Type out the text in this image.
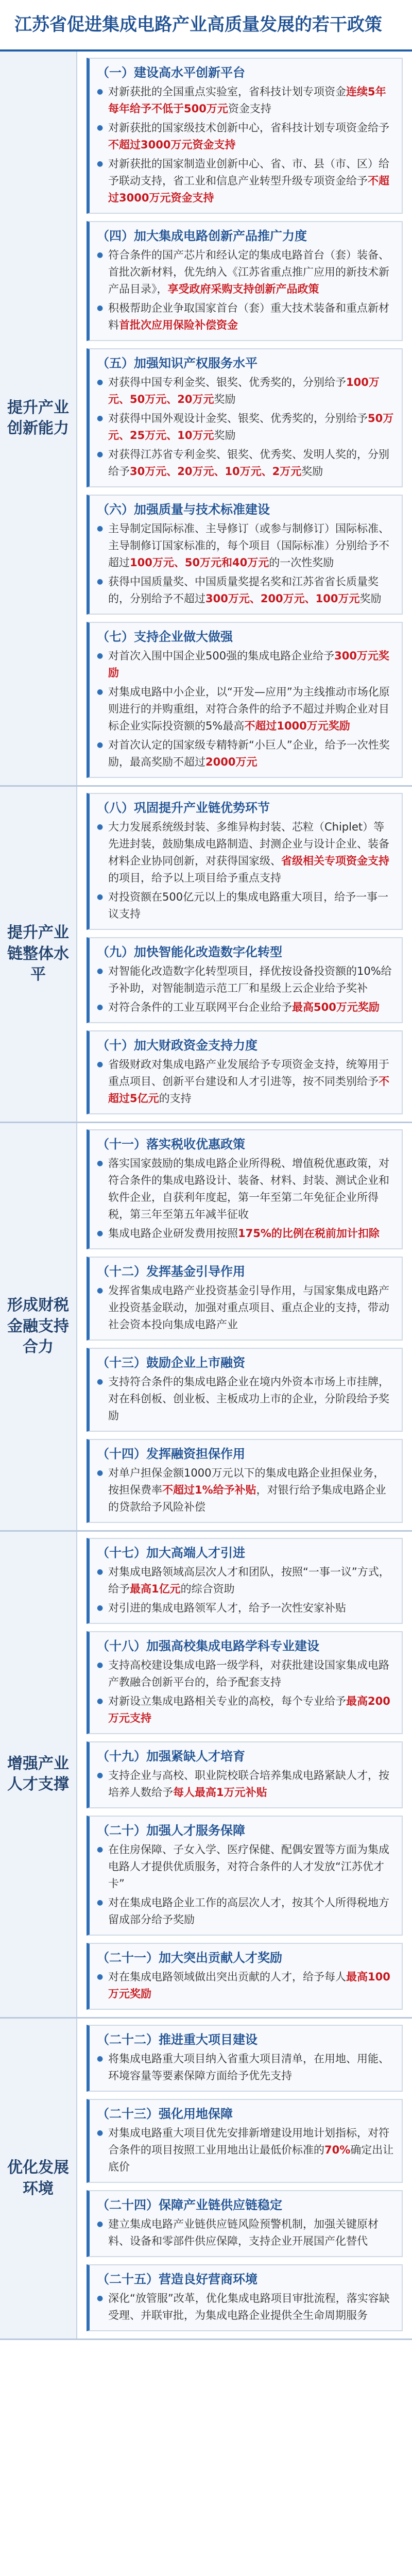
江苏省促进集成电路产业高质量发展的若干政策
提升产业创新能力
（一）建设高水平创新平台
● 对新获批的全国重点实验室，省科技计划专项资金连续5年每年给予不低于500万元资金支持
● 对新获批的国家级技术创新中心，省科技计划专项资金给予不超过3000万元资金支持
● 对新获批的国家制造业创新中心、省、市、县（市、区）给予联动支持，省工业和信息产业转型升级专项资金给予不超过3000万元资金支持
（四）加大集成电路创新产品推广力度
● 符合条件的国产芯片和经认定的集成电路首台（套）装备、首批次新材料，优先纳入《江苏省重点推广应用的新技术新产品目录》，享受政府采购支持创新产品政策
● 积极帮助企业争取国家首台（套）重大技术装备和重点新材料首批次应用保险补偿资金
（五）加强知识产权服务水平
● 对获得中国专利金奖、银奖、优秀奖的，分别给予100万元、50万元、20万元奖励
● 对获得中国外观设计金奖、银奖、优秀奖的，分别给予50万元、25万元、10万元奖励
● 对获得江苏省专利金奖、银奖、优秀奖、发明人奖的，分别给予30万元、20万元、10万元、2万元奖励
（六）加强质量与技术标准建设
● 主导制定国际标准、主导修订（或参与制修订）国际标准、主导制修订国家标准的，每个项目（国际标准）分别给予不超过100万元、50万元和40万元的一次性奖励
● 获得中国质量奖、中国质量奖提名奖和江苏省省长质量奖的，分别给予不超过300万元、200万元、100万元奖励
（七）支持企业做大做强
● 对首次入围中国企业500强的集成电路企业给予300万元奖励
● 对集成电路中小企业，以“开发—应用”为主线推动市场化原则进行的并购重组，对符合条件的给予不超过并购企业对目标企业实际投资额的5%最高不超过1000万元奖励
● 对首次认定的国家级专精特新“小巨人”企业，给予一次性奖励，最高奖励不超过2000万元
提升产业链整体水平
（八）巩固提升产业链优势环节
● 大力发展系统级封装、多维异构封装、芯粒（Chiplet）等先进封装，鼓励集成电路制造、封测企业与设计企业、装备材料企业协同创新，对获得国家级、省级相关专项资金支持的项目，给予以上项目给予重点支持
● 对投资额在500亿元以上的集成电路重大项目，给予一事一议支持
（九）加快智能化改造数字化转型
● 对智能化改造数字化转型项目，择优按设备投资额的10%给予补助，对智能制造示范工厂和星级上云企业给予奖补
● 对符合条件的工业互联网平台企业给予最高500万元奖励
（十）加大财政资金支持力度
● 省级财政对集成电路产业发展给予专项资金支持，统筹用于重点项目、创新平台建设和人才引进等，按不同类别给予不超过5亿元的支持
形成财税金融支持合力
（十一）落实税收优惠政策
● 落实国家鼓励的集成电路企业所得税、增值税优惠政策，对符合条件的集成电路设计、装备、材料、封装、测试企业和软件企业，自获利年度起，第一年至第二年免征企业所得税，第三年至第五年减半征收
● 集成电路企业研发费用按照175%的比例在税前加计扣除
（十二）发挥基金引导作用
● 发挥省集成电路产业投资基金引导作用，与国家集成电路产业投资基金联动，加强对重点项目、重点企业的支持，带动社会资本投向集成电路产业
（十三）鼓励企业上市融资
● 支持符合条件的集成电路企业在境内外资本市场上市挂牌，对在科创板、创业板、主板成功上市的企业，分阶段给予奖励
（十四）发挥融资担保作用
● 对单户担保金额1000万元以下的集成电路企业担保业务，按担保费率不超过1%给予补贴，对银行给予集成电路企业的贷款给予风险补偿
增强产业人才支撑
（十七）加大高端人才引进
● 对集成电路领域高层次人才和团队，按照“一事一议”方式，给予最高1亿元的综合资助
● 对引进的集成电路领军人才，给予一次性安家补贴
（十八）加强高校集成电路学科专业建设
● 支持高校建设集成电路一级学科，对获批建设国家集成电路产教融合创新平台的，给予配套支持
● 对新设立集成电路相关专业的高校，每个专业给予最高200万元支持
（十九）加强紧缺人才培育
● 支持企业与高校、职业院校联合培养集成电路紧缺人才，按培养人数给予每人最高1万元补贴
（二十）加强人才服务保障
● 在住房保障、子女入学、医疗保健、配偶安置等方面为集成电路人才提供优质服务，对符合条件的人才发放“江苏优才卡”
● 对在集成电路企业工作的高层次人才，按其个人所得税地方留成部分给予奖励
（二十一）加大突出贡献人才奖励
● 对在集成电路领域做出突出贡献的人才，给予每人最高100万元奖励
优化发展环境
（二十二）推进重大项目建设
● 将集成电路重大项目纳入省重大项目清单，在用地、用能、环境容量等要素保障方面给予优先支持
（二十三）强化用地保障
● 对集成电路重大项目优先安排新增建设用地计划指标，对符合条件的项目按照工业用地出让最低价标准的70%确定出让底价
（二十四）保障产业链供应链稳定
● 建立集成电路产业链供应链风险预警机制，加强关键原材料、设备和零部件供应保障，支持企业开展国产化替代
（二十五）营造良好营商环境
● 深化“放管服”改革，优化集成电路项目审批流程，落实容缺受理、并联审批，为集成电路企业提供全生命周期服务
